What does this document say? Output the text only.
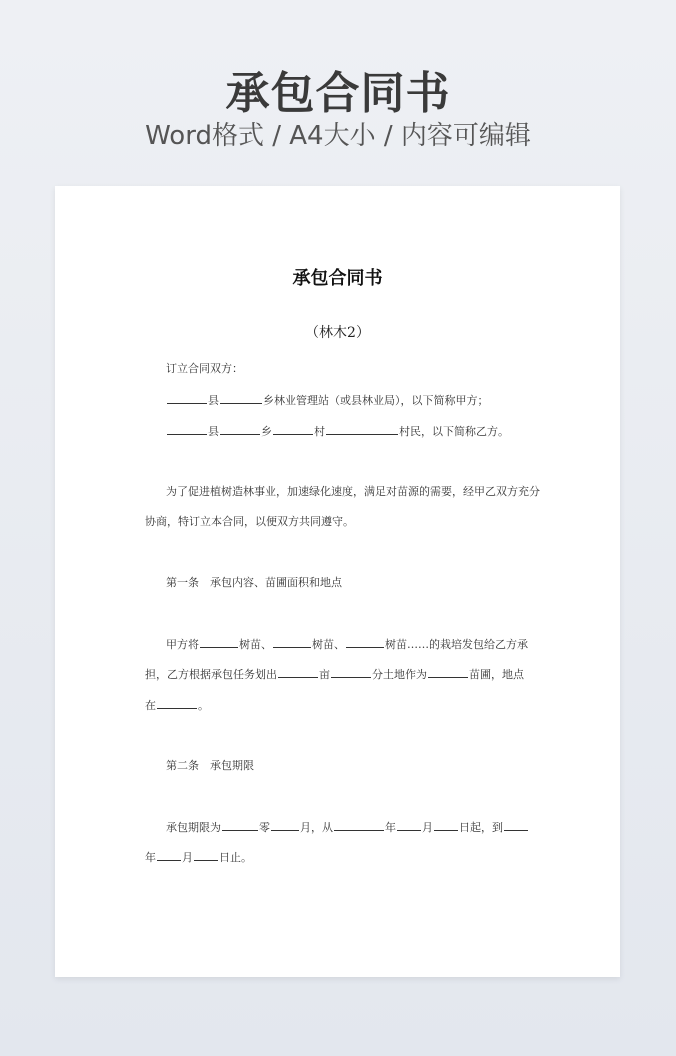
承包合同书
Word格式 / A4大小 / 内容可编辑
承包合同书
（林木2）
订立合同双方：
县	乡林业管理站（或县林业局），以下简称甲方；
县	乡	村	村民，以下简称乙方。
为了促进植树造林事业，加速绿化速度，满足对苗源的需要，经甲乙双方充分
协商，特订立本合同，以便双方共同遵守。
第一条　承包内容、苗圃面积和地点
甲方将	树苗、	树苗、	树苗……的栽培发包给乙方承
担，乙方根据承包任务划出	亩	分土地作为	苗圃，地点
在	。
第二条　承包期限
承包期限为	零	月，从	年 月 日起，到
年 月 日止。
